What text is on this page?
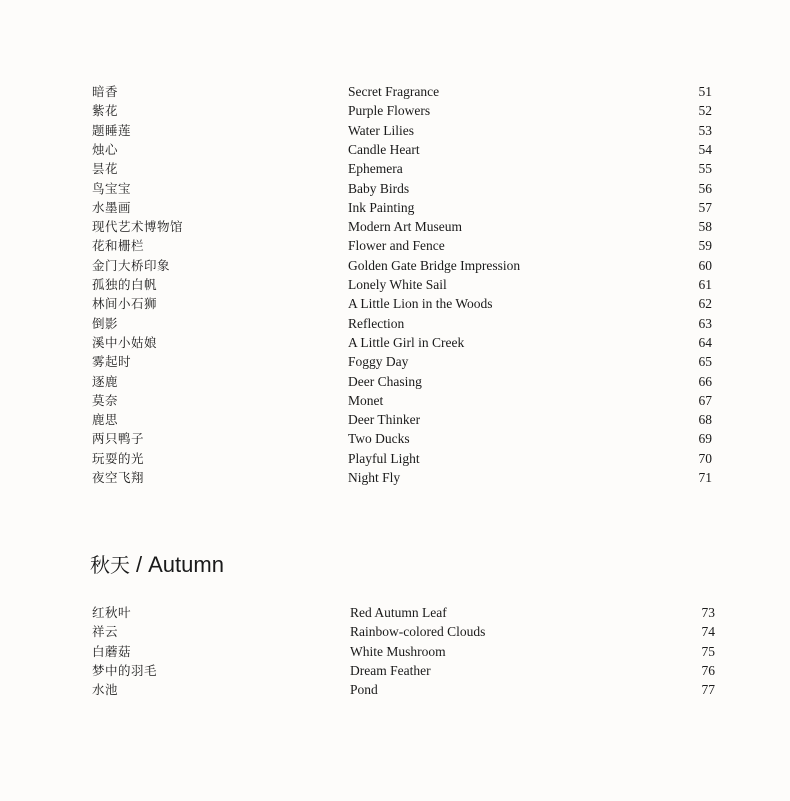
暗香	Secret Fragrance	51
紫花	Purple Flowers	52
题睡莲	Water Lilies	53
烛心	Candle Heart	54
昙花	Ephemera	55
鸟宝宝	Baby Birds	56
水墨画	Ink Painting	57
现代艺术博物馆	Modern Art Museum	58
花和栅栏	Flower and Fence	59
金门大桥印象	Golden Gate Bridge Impression	60
孤独的白帆	Lonely White Sail	61
林间小石狮	A Little Lion in the Woods	62
倒影	Reflection	63
溪中小姑娘	A Little Girl in Creek	64
雾起时	Foggy Day	65
逐鹿	Deer Chasing	66
莫奈	Monet	67
鹿思	Deer Thinker	68
两只鸭子	Two Ducks	69
玩耍的光	Playful Light	70
夜空飞翔	Night Fly	71
秋天 / Autumn
红秋叶	Red Autumn Leaf	73
祥云	Rainbow-colored Clouds	74
白蘑菇	White Mushroom	75
梦中的羽毛	Dream Feather	76
水池	Pond	77
